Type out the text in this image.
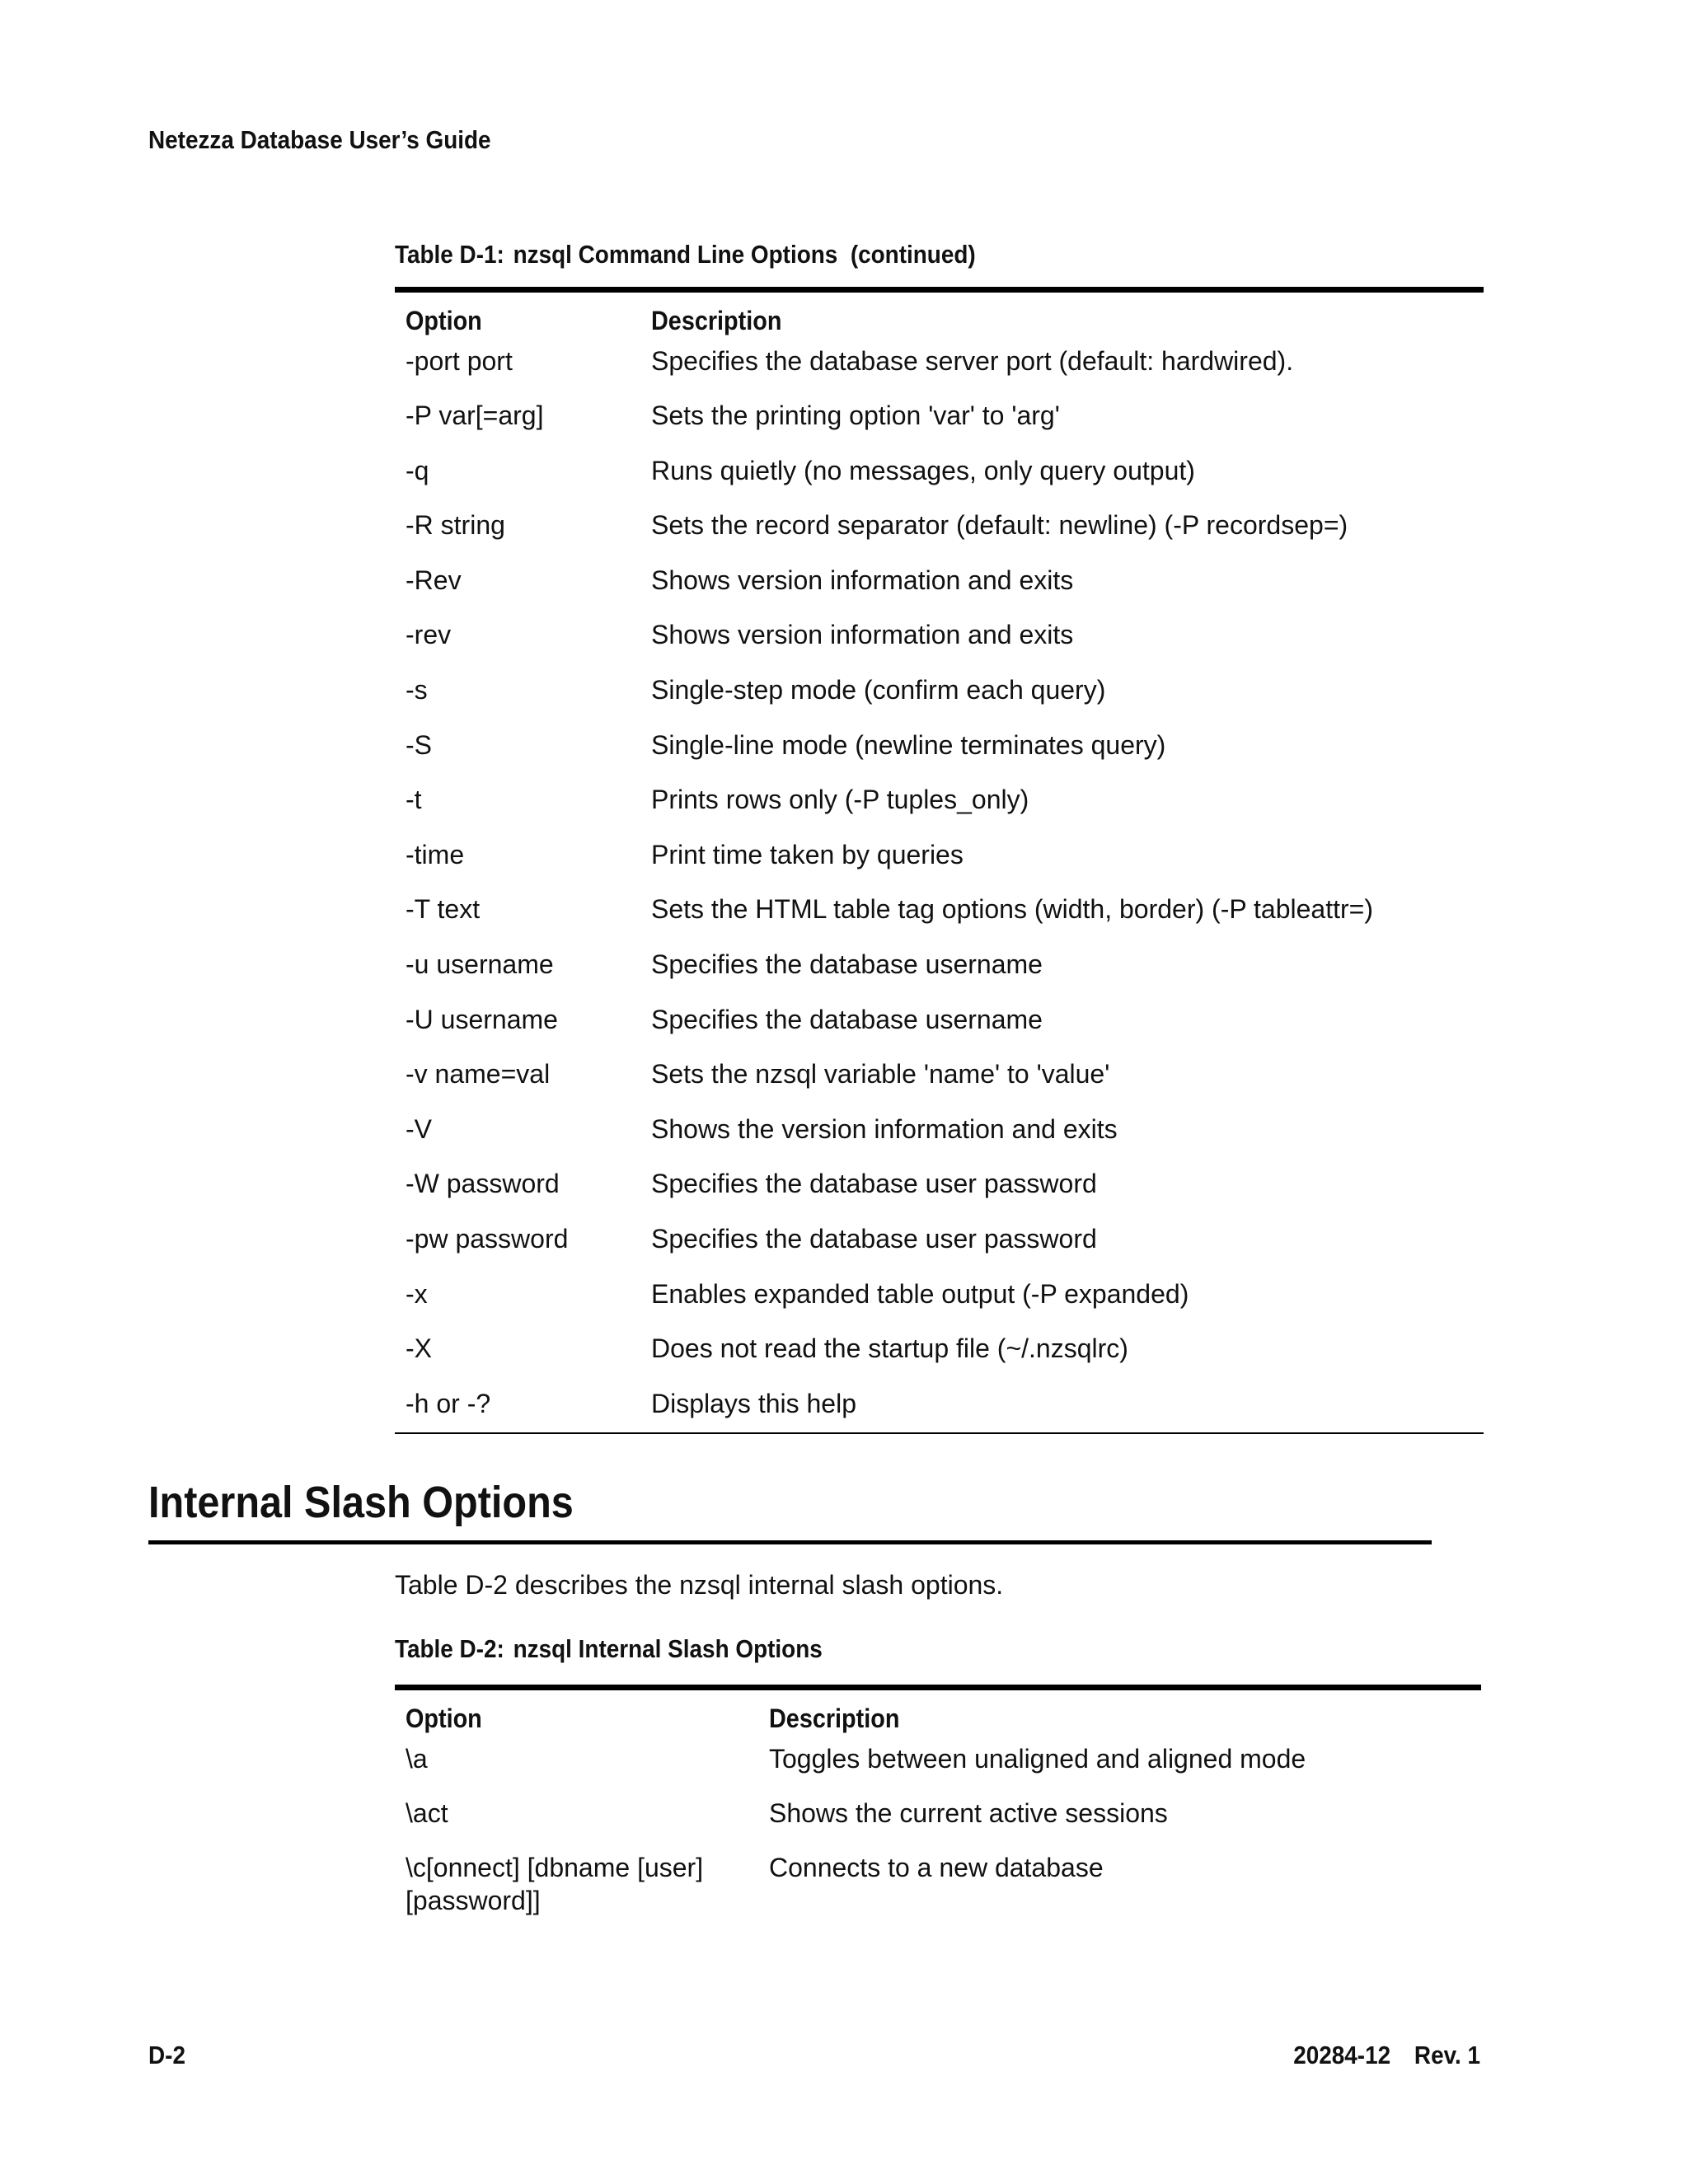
Netezza Database User’s Guide
Table D-1: nzsql Command Line Options  (continued)
Option	Description
-port port	Specifies the database server port (default: hardwired).
-P var[=arg]	Sets the printing option 'var' to 'arg'
-q	Runs quietly (no messages, only query output)
-R string	Sets the record separator (default: newline) (-P recordsep=)
-Rev	Shows version information and exits
-rev	Shows version information and exits
-s	Single-step mode (confirm each query)
-S	Single-line mode (newline terminates query)
-t	Prints rows only (-P tuples_only)
-time	Print time taken by queries
-T text	Sets the HTML table tag options (width, border) (-P tableattr=)
-u username	Specifies the database username
-U username	Specifies the database username
-v name=val	Sets the nzsql variable 'name' to 'value'
-V	Shows the version information and exits
-W password	Specifies the database user password
-pw password	Specifies the database user password
-x	Enables expanded table output (-P expanded)
-X	Does not read the startup file (~/.nzsqlrc)
-h or -?	Displays this help
Internal Slash Options
Table D-2 describes the nzsql internal slash options.
Table D-2: nzsql Internal Slash Options
Option	Description
\a	Toggles between unaligned and aligned mode
\act	Shows the current active sessions
\c[onnect] [dbname [user]
[password]]	Connects to a new database
D-2	20284-12 Rev. 1
